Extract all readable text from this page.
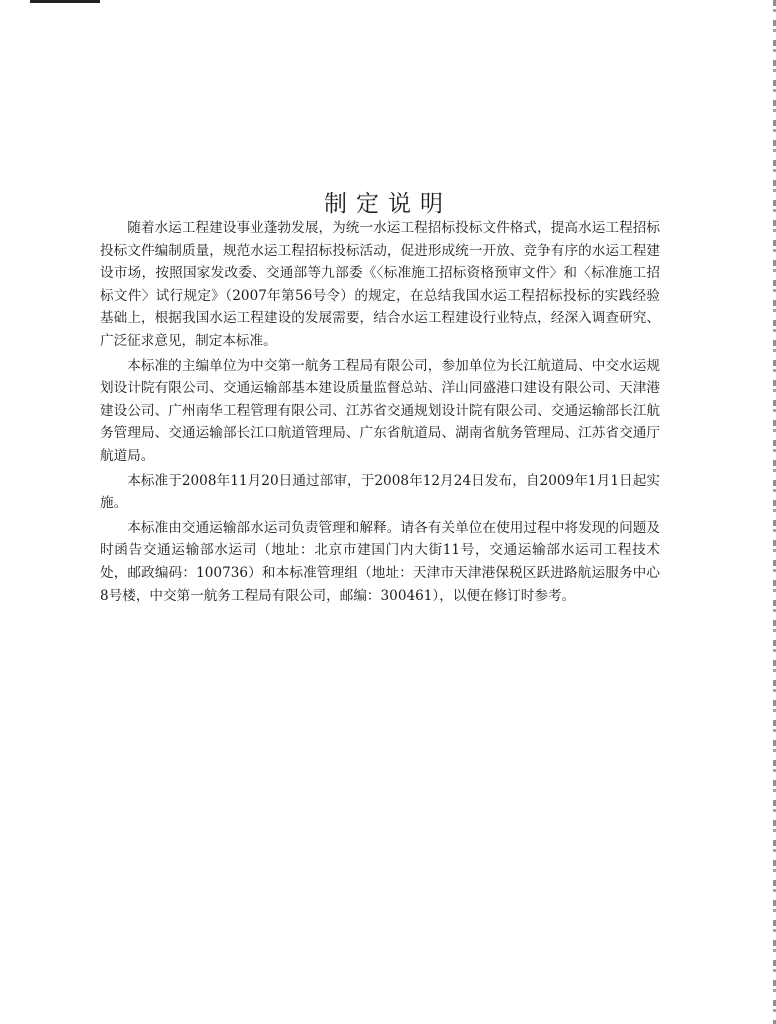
制定说明

随着水运工程建设事业蓬勃发展，为统一水运工程招标投标文件格式，提高水运工程招标投标文件编制质量，规范水运工程招标投标活动，促进形成统一开放、竞争有序的水运工程建设市场，按照国家发改委、交通部等九部委《〈标准施工招标资格预审文件〉和〈标准施工招标文件〉试行规定》（2007年第56号令）的规定，在总结我国水运工程招标投标的实践经验基础上，根据我国水运工程建设的发展需要，结合水运工程建设行业特点，经深入调查研究、广泛征求意见，制定本标准。

本标准的主编单位为中交第一航务工程局有限公司，参加单位为长江航道局、中交水运规划设计院有限公司、交通运输部基本建设质量监督总站、洋山同盛港口建设有限公司、天津港建设公司、广州南华工程管理有限公司、江苏省交通规划设计院有限公司、交通运输部长江航务管理局、交通运输部长江口航道管理局、广东省航道局、湖南省航务管理局、江苏省交通厅航道局。

本标准于2008年11月20日通过部审，于2008年12月24日发布，自2009年1月1日起实施。

本标准由交通运输部水运司负责管理和解释。请各有关单位在使用过程中将发现的问题及时函告交通运输部水运司（地址：北京市建国门内大街11号，交通运输部水运司工程技术处，邮政编码：100736）和本标准管理组（地址：天津市天津港保税区跃进路航运服务中心8号楼，中交第一航务工程局有限公司，邮编：300461），以便在修订时参考。
